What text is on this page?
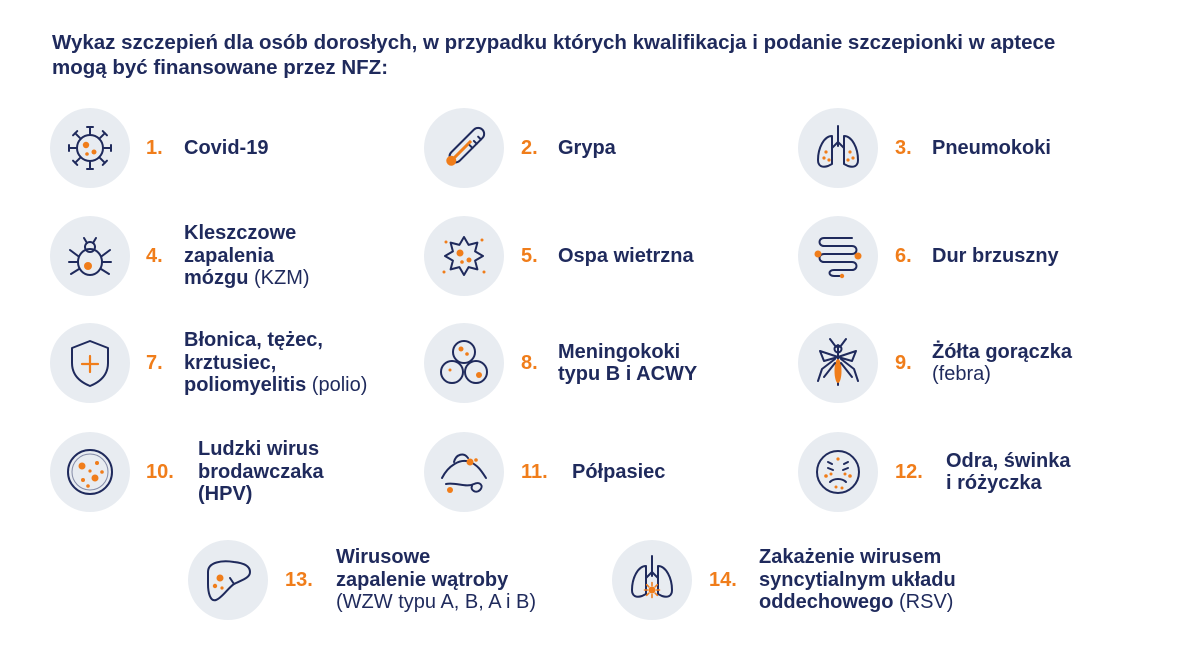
Wykaz szczepień dla osób dorosłych, w przypadku których kwalifikacja i podanie szczepionki w aptece
mogą być finansowane przez NFZ:
1. Covid-19	2. Grypa	3. Pneumokoki
4.
Kleszczowe
zapalenia
mózgu (KZM)
5. Ospa wietrzna	6. Dur brzuszny
7.
Błonica, tężec,
krztusiec,
poliomyelitis (polio)
8. Meningokoki
typu B i ACWY
9. Żółta gorączka
(febra)
10.
Ludzki wirus
brodawczaka
(HPV)
11. Półpasiec	12. Odra, świnka
i różyczka
13.
Wirusowe
zapalenie wątroby
(WZW typu A, B, A i B)
14.
Zakażenie wirusem
syncytialnym układu
oddechowego (RSV)
